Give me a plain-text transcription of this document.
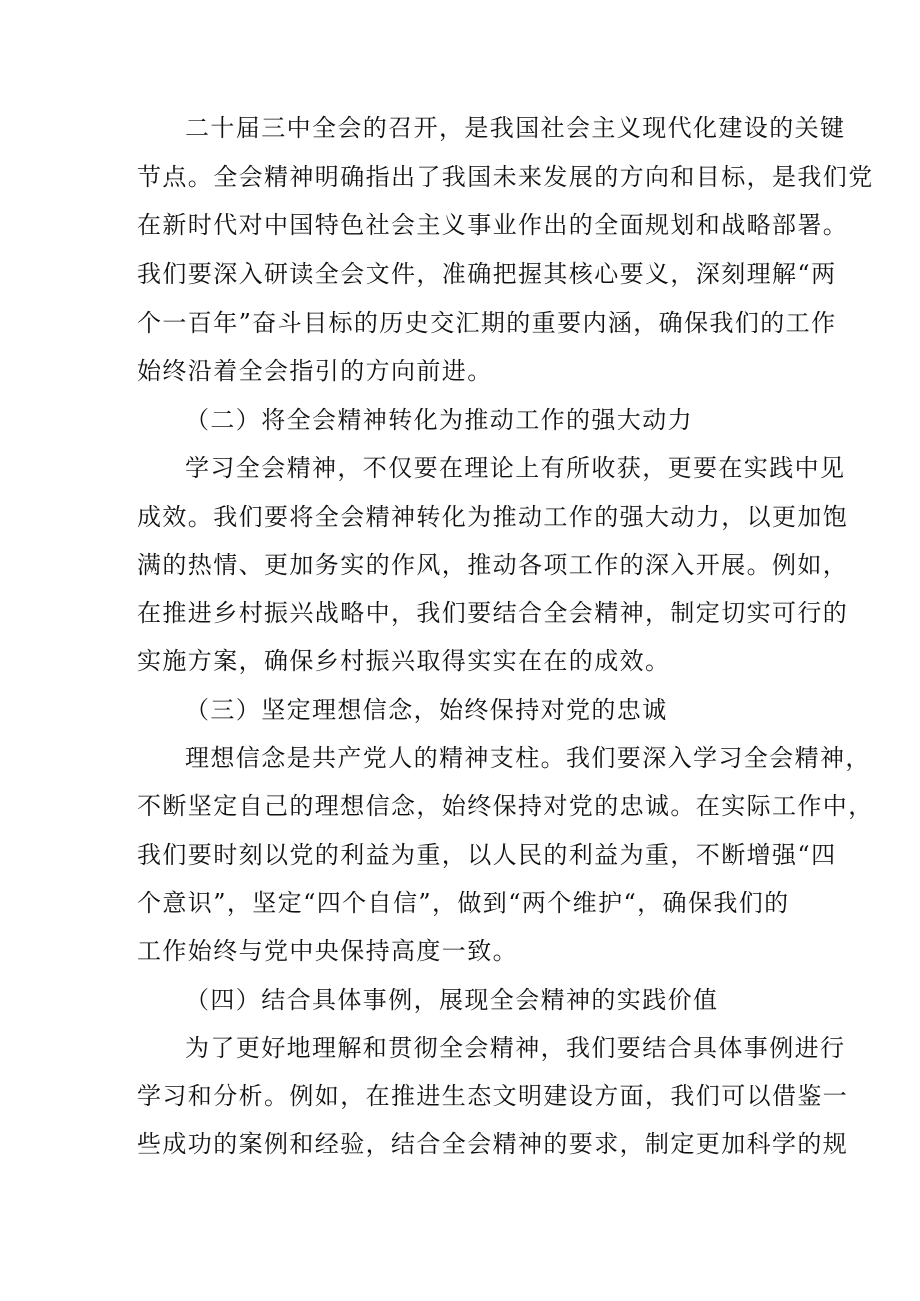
二十届三中全会的召开，是我国社会主义现代化建设的关键
节点。全会精神明确指出了我国未来发展的方向和目标，是我们党
在新时代对中国特色社会主义事业作出的全面规划和战略部署。
我们要深入研读全会文件，准确把握其核心要义，深刻理解“两
个一百年”奋斗目标的历史交汇期的重要内涵，确保我们的工作
始终沿着全会指引的方向前进。
（二）将全会精神转化为推动工作的强大动力
学习全会精神，不仅要在理论上有所收获，更要在实践中见
成效。我们要将全会精神转化为推动工作的强大动力，以更加饱
满的热情、更加务实的作风，推动各项工作的深入开展。例如，
在推进乡村振兴战略中，我们要结合全会精神，制定切实可行的
实施方案，确保乡村振兴取得实实在在的成效。
（三）坚定理想信念，始终保持对党的忠诚
理想信念是共产党人的精神支柱。我们要深入学习全会精神，
不断坚定自己的理想信念，始终保持对党的忠诚。在实际工作中，
我们要时刻以党的利益为重，以人民的利益为重，不断增强“四
个意识”，坚定“四个自信”，做到“两个维护“，确保我们的
工作始终与党中央保持高度一致。
（四）结合具体事例，展现全会精神的实践价值
为了更好地理解和贯彻全会精神，我们要结合具体事例进行
学习和分析。例如，在推进生态文明建设方面，我们可以借鉴一
些成功的案例和经验，结合全会精神的要求，制定更加科学的规
